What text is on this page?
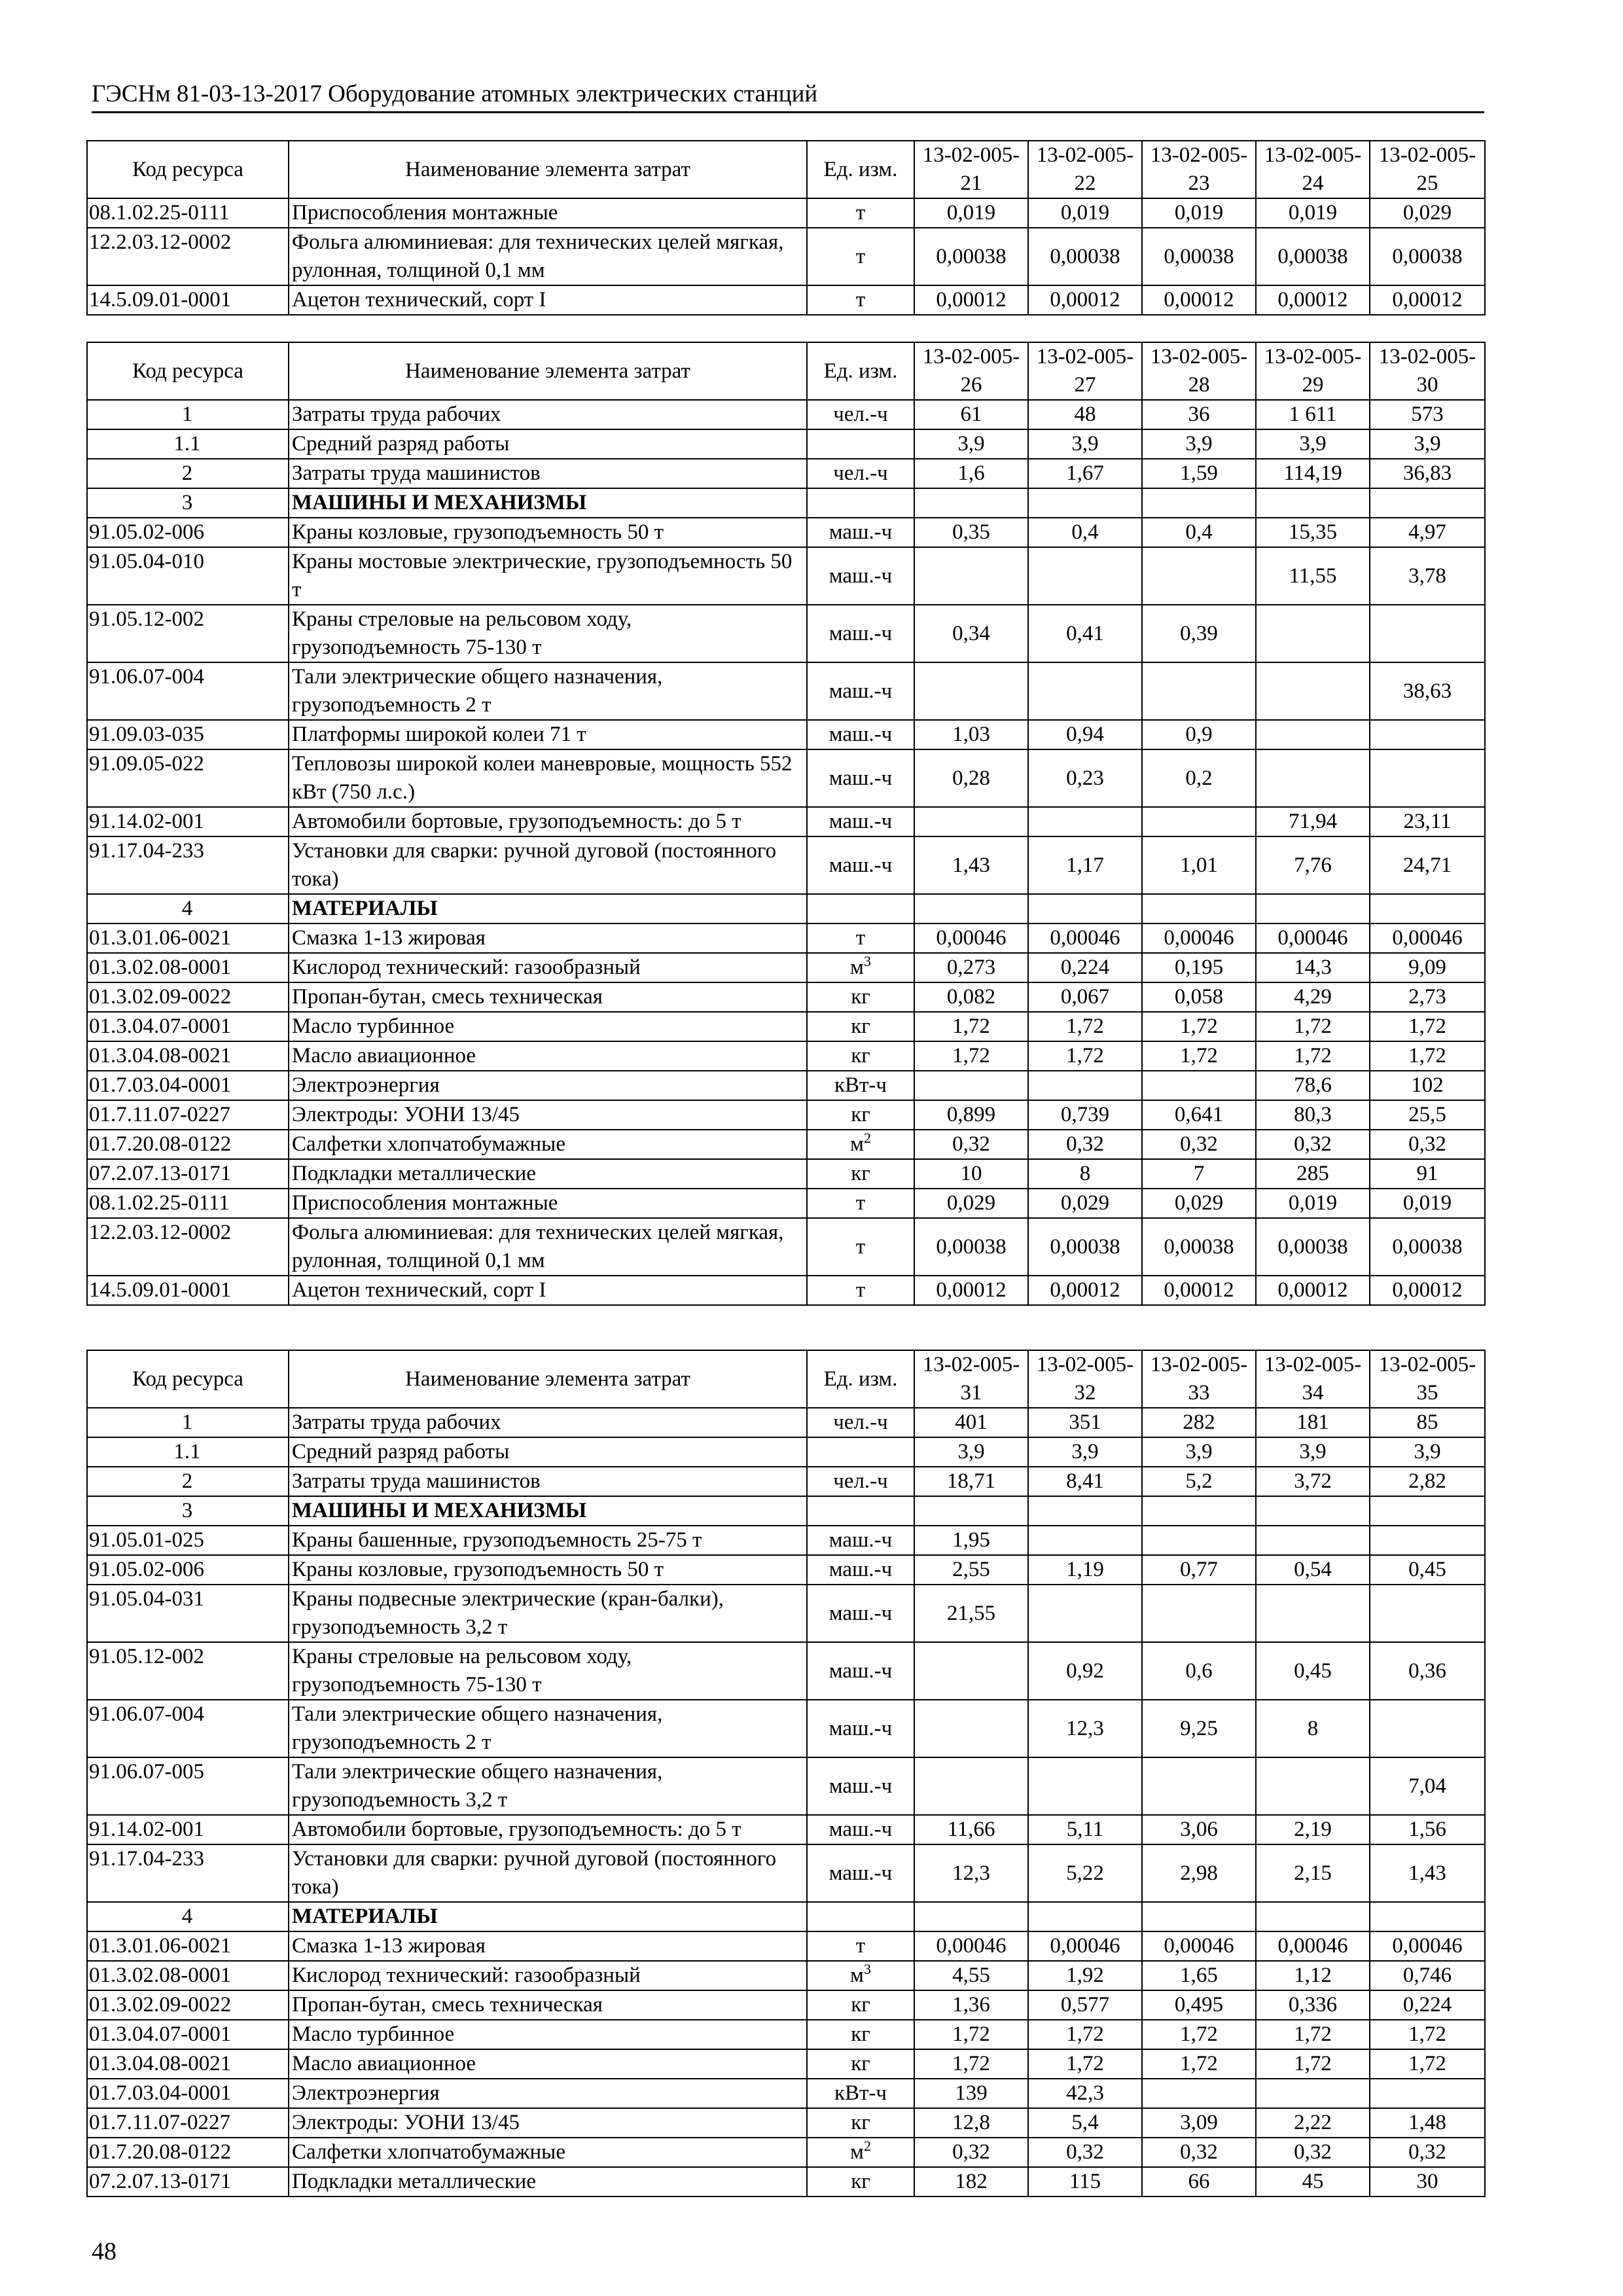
ГЭСНм 81-03-13-2017 Оборудование атомных электрических станций
Код ресурса	Наименование элемента затрат	Ед. изм.	13-02-005-21	13-02-005-22	13-02-005-23	13-02-005-24	13-02-005-25
08.1.02.25-0111	Приспособления монтажные	т	0,019	0,019	0,019	0,019	0,029
12.2.03.12-0002	Фольга алюминиевая: для технических целей мягкая, рулонная, толщиной 0,1 мм	т	0,00038	0,00038	0,00038	0,00038	0,00038
14.5.09.01-0001	Ацетон технический, сорт I	т	0,00012	0,00012	0,00012	0,00012	0,00012
Код ресурса	Наименование элемента затрат	Ед. изм.	13-02-005-26	13-02-005-27	13-02-005-28	13-02-005-29	13-02-005-30
1	Затраты труда рабочих	чел.-ч	61	48	36	1 611	573
1.1	Средний разряд работы		3,9	3,9	3,9	3,9	3,9
2	Затраты труда машинистов	чел.-ч	1,6	1,67	1,59	114,19	36,83
3	МАШИНЫ И МЕХАНИЗМЫ						
91.05.02-006	Краны козловые, грузоподъемность 50 т	маш.-ч	0,35	0,4	0,4	15,35	4,97
91.05.04-010	Краны мостовые электрические, грузоподъемность 50 т	маш.-ч				11,55	3,78
91.05.12-002	Краны стреловые на рельсовом ходу, грузоподъемность 75-130 т	маш.-ч	0,34	0,41	0,39		
91.06.07-004	Тали электрические общего назначения, грузоподъемность 2 т	маш.-ч					38,63
91.09.03-035	Платформы широкой колеи 71 т	маш.-ч	1,03	0,94	0,9		
91.09.05-022	Тепловозы широкой колеи маневровые, мощность 552 кВт (750 л.с.)	маш.-ч	0,28	0,23	0,2		
91.14.02-001	Автомобили бортовые, грузоподъемность: до 5 т	маш.-ч				71,94	23,11
91.17.04-233	Установки для сварки: ручной дуговой (постоянного тока)	маш.-ч	1,43	1,17	1,01	7,76	24,71
4	МАТЕРИАЛЫ						
01.3.01.06-0021	Смазка 1-13 жировая	т	0,00046	0,00046	0,00046	0,00046	0,00046
01.3.02.08-0001	Кислород технический: газообразный	$м^3$	0,273	0,224	0,195	14,3	9,09
01.3.02.09-0022	Пропан-бутан, смесь техническая	кг	0,082	0,067	0,058	4,29	2,73
01.3.04.07-0001	Масло турбинное	кг	1,72	1,72	1,72	1,72	1,72
01.3.04.08-0021	Масло авиационное	кг	1,72	1,72	1,72	1,72	1,72
01.7.03.04-0001	Электроэнергия	кВт-ч				78,6	102
01.7.11.07-0227	Электроды: УОНИ 13/45	кг	0,899	0,739	0,641	80,3	25,5
01.7.20.08-0122	Салфетки хлопчатобумажные	$м^2$	0,32	0,32	0,32	0,32	0,32
07.2.07.13-0171	Подкладки металлические	кг	10	8	7	285	91
08.1.02.25-0111	Приспособления монтажные	т	0,029	0,029	0,029	0,019	0,019
12.2.03.12-0002	Фольга алюминиевая: для технических целей мягкая, рулонная, толщиной 0,1 мм	т	0,00038	0,00038	0,00038	0,00038	0,00038
14.5.09.01-0001	Ацетон технический, сорт I	т	0,00012	0,00012	0,00012	0,00012	0,00012
Код ресурса	Наименование элемента затрат	Ед. изм.	13-02-005-31	13-02-005-32	13-02-005-33	13-02-005-34	13-02-005-35
1	Затраты труда рабочих	чел.-ч	401	351	282	181	85
1.1	Средний разряд работы		3,9	3,9	3,9	3,9	3,9
2	Затраты труда машинистов	чел.-ч	18,71	8,41	5,2	3,72	2,82
3	МАШИНЫ И МЕХАНИЗМЫ						
91.05.01-025	Краны башенные, грузоподъемность 25-75 т	маш.-ч	1,95				
91.05.02-006	Краны козловые, грузоподъемность 50 т	маш.-ч	2,55	1,19	0,77	0,54	0,45
91.05.04-031	Краны подвесные электрические (кран-балки), грузоподъемность 3,2 т	маш.-ч	21,55				
91.05.12-002	Краны стреловые на рельсовом ходу, грузоподъемность 75-130 т	маш.-ч		0,92	0,6	0,45	0,36
91.06.07-004	Тали электрические общего назначения, грузоподъемность 2 т	маш.-ч		12,3	9,25	8	
91.06.07-005	Тали электрические общего назначения, грузоподъемность 3,2 т	маш.-ч					7,04
91.14.02-001	Автомобили бортовые, грузоподъемность: до 5 т	маш.-ч	11,66	5,11	3,06	2,19	1,56
91.17.04-233	Установки для сварки: ручной дуговой (постоянного тока)	маш.-ч	12,3	5,22	2,98	2,15	1,43
4	МАТЕРИАЛЫ						
01.3.01.06-0021	Смазка 1-13 жировая	т	0,00046	0,00046	0,00046	0,00046	0,00046
01.3.02.08-0001	Кислород технический: газообразный	$м^3$	4,55	1,92	1,65	1,12	0,746
01.3.02.09-0022	Пропан-бутан, смесь техническая	кг	1,36	0,577	0,495	0,336	0,224
01.3.04.07-0001	Масло турбинное	кг	1,72	1,72	1,72	1,72	1,72
01.3.04.08-0021	Масло авиационное	кг	1,72	1,72	1,72	1,72	1,72
01.7.03.04-0001	Электроэнергия	кВт-ч	139	42,3			
01.7.11.07-0227	Электроды: УОНИ 13/45	кг	12,8	5,4	3,09	2,22	1,48
01.7.20.08-0122	Салфетки хлопчатобумажные	$м^2$	0,32	0,32	0,32	0,32	0,32
07.2.07.13-0171	Подкладки металлические	кг	182	115	66	45	30
48
